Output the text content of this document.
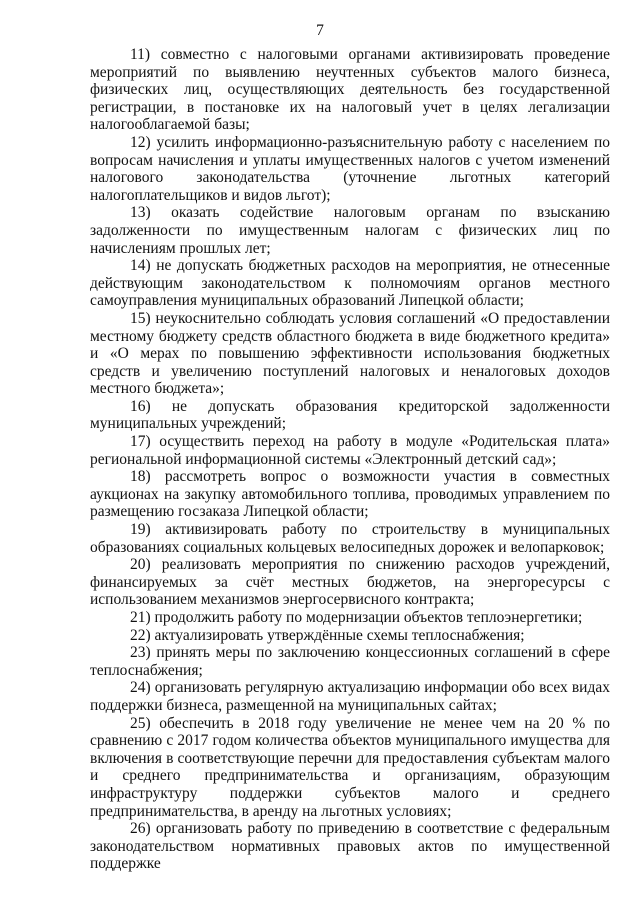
7

11) совместно с налоговыми органами активизировать проведение мероприятий по выявлению неучтенных субъектов малого бизнеса, физических лиц, осуществляющих деятельность без государственной регистрации, в постановке их на налоговый учет в целях легализации налогооблагаемой базы;

12) усилить информационно-разъяснительную работу с населением по вопросам начисления и уплаты имущественных налогов с учетом изменений налогового законодательства (уточнение льготных категорий налогоплательщиков и видов льгот);

13) оказать содействие налоговым органам по взысканию задолженности по имущественным налогам с физических лиц по начислениям прошлых лет;

14) не допускать бюджетных расходов на мероприятия, не отнесенные действующим законодательством к полномочиям органов местного самоуправления муниципальных образований Липецкой области;

15) неукоснительно соблюдать условия соглашений «О предоставлении местному бюджету средств областного бюджета в виде бюджетного кредита» и «О мерах по повышению эффективности использования бюджетных средств и увеличению поступлений налоговых и неналоговых доходов местного бюджета»;

16) не допускать образования кредиторской задолженности муниципальных учреждений;

17) осуществить переход на работу в модуле «Родительская плата» региональной информационной системы «Электронный детский сад»;

18) рассмотреть вопрос о возможности участия в совместных аукционах на закупку автомобильного топлива, проводимых управлением по размещению госзаказа Липецкой области;

19) активизировать работу по строительству в муниципальных образованиях социальных кольцевых велосипедных дорожек и велопарковок;

20) реализовать мероприятия по снижению расходов учреждений, финансируемых за счёт местных бюджетов, на энергоресурсы с использованием механизмов энергосервисного контракта;

21) продолжить работу по модернизации объектов теплоэнергетики;

22) актуализировать утверждённые схемы теплоснабжения;

23) принять меры по заключению концессионных соглашений в сфере теплоснабжения;

24) организовать регулярную актуализацию информации обо всех видах поддержки бизнеса, размещенной на муниципальных сайтах;

25) обеспечить в 2018 году увеличение не менее чем на 20 % по сравнению с 2017 годом количества объектов муниципального имущества для включения в соответствующие перечни для предоставления субъектам малого и среднего предпринимательства и организациям, образующим инфраструктуру поддержки субъектов малого и среднего предпринимательства, в аренду на льготных условиях;

26) организовать работу по приведению в соответствие с федеральным законодательством нормативных правовых актов по имущественной поддержке
